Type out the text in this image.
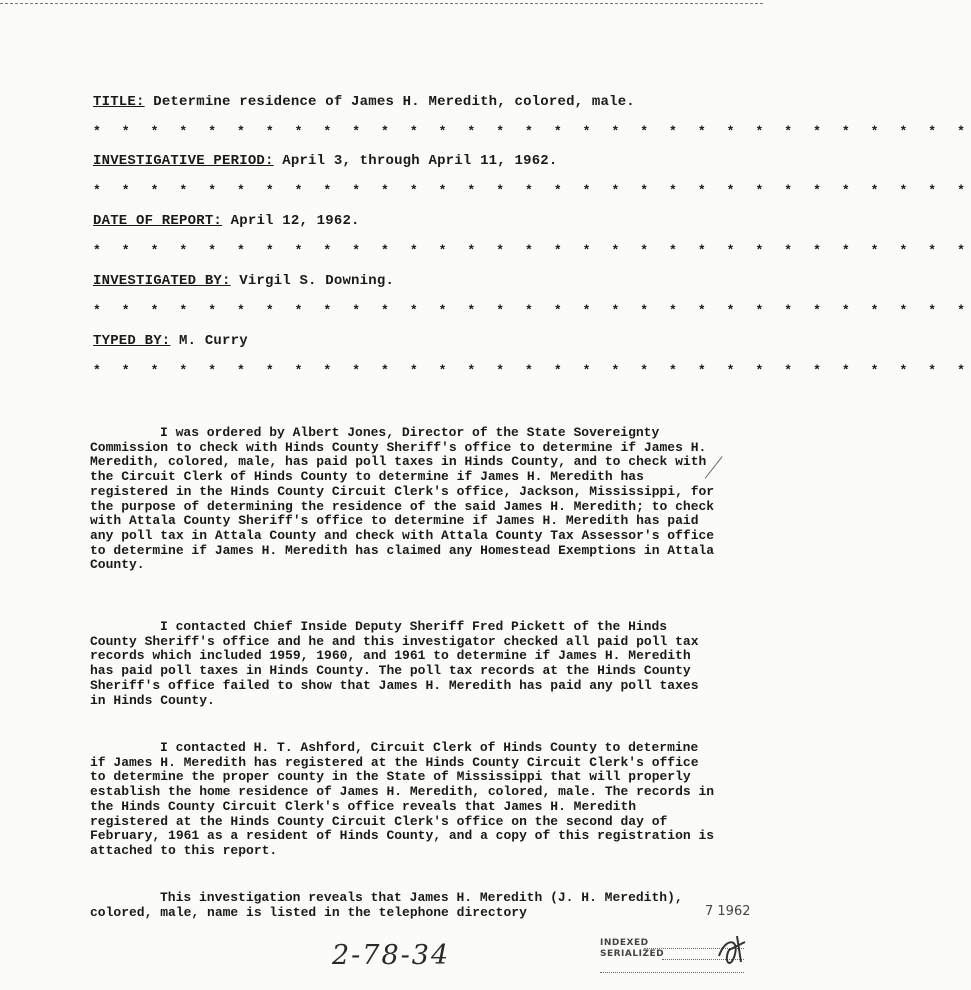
TITLE: Determine residence of James H. Meredith, colored, male.
* * * * * * * * * * * * * * * * * * * * * * * * * * * * * * *
INVESTIGATIVE PERIOD: April 3, through April 11, 1962.
* * * * * * * * * * * * * * * * * * * * * * * * * * * * * * *
DATE OF REPORT: April 12, 1962.
* * * * * * * * * * * * * * * * * * * * * * * * * * * * * * *
INVESTIGATED BY: Virgil S. Downing.
* * * * * * * * * * * * * * * * * * * * * * * * * * * * * * *
TYPED BY: M. Curry
* * * * * * * * * * * * * * * * * * * * * * * * * * * * * * *

I was ordered by Albert Jones, Director of the State Sovereignty Commission to check with Hinds County Sheriff's office to determine if James H. Meredith, colored, male, has paid poll taxes in Hinds County, and to check with the Circuit Clerk of Hinds County to determine if James H. Meredith has registered in the Hinds County Circuit Clerk's office, Jackson, Mississippi, for the purpose of determining the residence of the said James H. Meredith; to check with Attala County Sheriff's office to determine if James H. Meredith has paid any poll tax in Attala County and check with Attala County Tax Assessor's office to determine if James H. Meredith has claimed any Homestead Exemptions in Attala County.

I contacted Chief Inside Deputy Sheriff Fred Pickett of the Hinds County Sheriff's office and he and this investigator checked all paid poll tax records which included 1959, 1960, and 1961 to determine if James H. Meredith has paid poll taxes in Hinds County. The poll tax records at the Hinds County Sheriff's office failed to show that James H. Meredith has paid any poll taxes in Hinds County.

I contacted H. T. Ashford, Circuit Clerk of Hinds County to determine if James H. Meredith has registered at the Hinds County Circuit Clerk's office to determine the proper county in the State of Mississippi that will properly establish the home residence of James H. Meredith, colored, male. The records in the Hinds County Circuit Clerk's office reveals that James H. Meredith registered at the Hinds County Circuit Clerk's office on the second day of February, 1961 as a resident of Hinds County, and a copy of this registration is attached to this report.

This investigation reveals that James H. Meredith (J. H. Meredith), colored, male, name is listed in the telephone directory	7 1962
2-78-34	INDEXED
SERIALIZED
